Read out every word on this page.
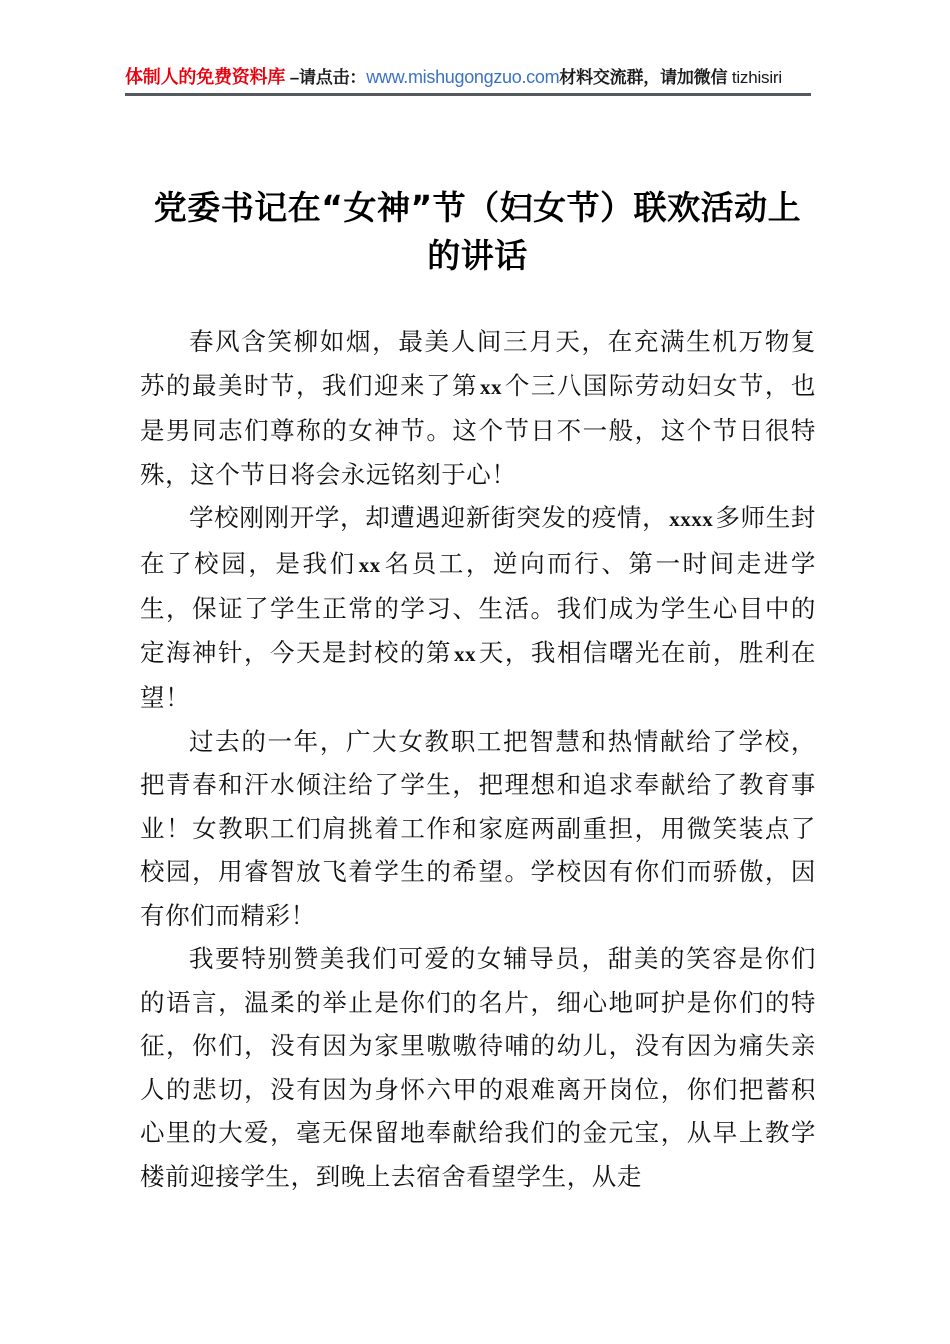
体制人的免费资料库 –请点击：www.mishugongzuo.com材料交流群，请加微信 tizhisiri
党委书记在“女神”节（妇女节）联欢活动上的讲话

春风含笑柳如烟，最美人间三月天，在充满生机万物复苏的最美时节，我们迎来了第xx个三八国际劳动妇女节，也是男同志们尊称的女神节。这个节日不一般，这个节日很特殊，这个节日将会永远铭刻于心！

学校刚刚开学，却遭遇迎新街突发的疫情，xxxx多师生封在了校园，是我们xx名员工，逆向而行、第一时间走进学生，保证了学生正常的学习、生活。我们成为学生心目中的定海神针，今天是封校的第xx天，我相信曙光在前，胜利在望！

过去的一年，广大女教职工把智慧和热情献给了学校，把青春和汗水倾注给了学生，把理想和追求奉献给了教育事业！女教职工们肩挑着工作和家庭两副重担，用微笑装点了校园，用睿智放飞着学生的希望。学校因有你们而骄傲，因有你们而精彩！

我要特别赞美我们可爱的女辅导员，甜美的笑容是你们的语言，温柔的举止是你们的名片，细心地呵护是你们的特征，你们，没有因为家里嗷嗷待哺的幼儿，没有因为痛失亲人的悲切，没有因为身怀六甲的艰难离开岗位，你们把蓄积心里的大爱，毫无保留地奉献给我们的金元宝，从早上教学楼前迎接学生，到晚上去宿舍看望学生，从走
